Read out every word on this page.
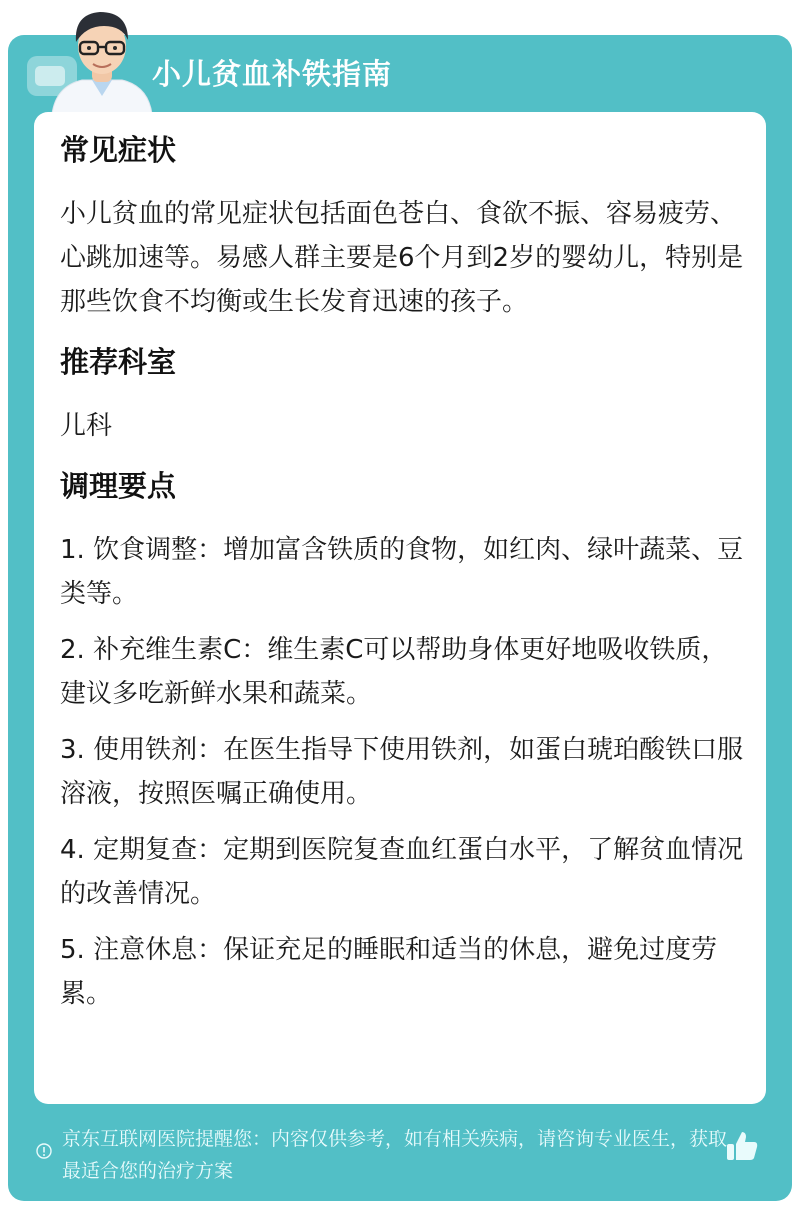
小儿贫血补铁指南
常见症状
小儿贫血的常见症状包括面色苍白、食欲不振、容易疲劳、心跳加速等。易感人群主要是6个月到2岁的婴幼儿，特别是那些饮食不均衡或生长发育迅速的孩子。
推荐科室
儿科
调理要点
1. 饮食调整：增加富含铁质的食物，如红肉、绿叶蔬菜、豆类等。
2. 补充维生素C：维生素C可以帮助身体更好地吸收铁质，建议多吃新鲜水果和蔬菜。
3. 使用铁剂：在医生指导下使用铁剂，如蛋白琥珀酸铁口服溶液，按照医嘱正确使用。
4. 定期复查：定期到医院复查血红蛋白水平，了解贫血情况的改善情况。
5. 注意休息：保证充足的睡眠和适当的休息，避免过度劳累。
京东互联网医院提醒您：内容仅供参考，如有相关疾病，请咨询专业医生，获取最适合您的治疗方案
